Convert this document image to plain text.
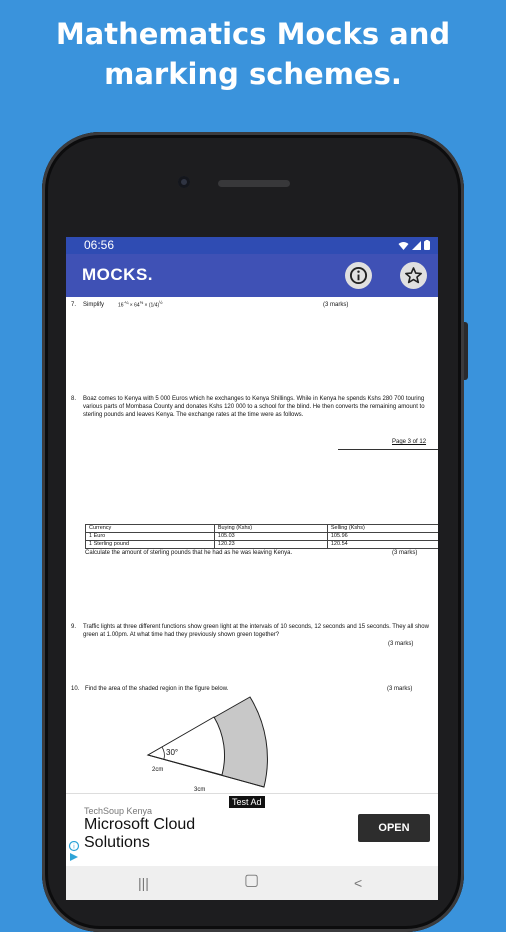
Mathematics Mocks and
marking schemes.
06:56
MOCKS.
7. Simplify	$16^{-\frac{1}{4}} \times 64^{\frac{1}{3}} \times (1/4)^{\frac{1}{2}}$	(3 marks)
8. Boaz comes to Kenya with 5 000 Euros which he exchanges to Kenya Shillings. While in Kenya he spends Kshs 280 700 touring various parts of Mombasa County and donates Kshs 120 000 to a school for the blind. He then converts the remaining amount to sterling pounds and leaves Kenya. The exchange rates at the time were as follows.
Page 3 of 12
Currency	Buying (Kshs)	Selling (Kshs)
1 Euro	105.03	105.96
1 Sterling pound	120.23	120.54
Calculate the amount of sterling pounds that he had as he was leaving Kenya.	(3 marks)
9. Traffic lights at three different functions show green light at the intervals of 10 seconds, 12 seconds and 15 seconds. They all show green at 1.00pm. At what time had they previously shown green together?
(3 marks)
10. Find the area of the shaded region in the figure below.	(3 marks)
30°
2cm
3cm
Test Ad
TechSoup Kenya
Microsoft Cloud
Solutions
OPEN
i
|||	▢	<
